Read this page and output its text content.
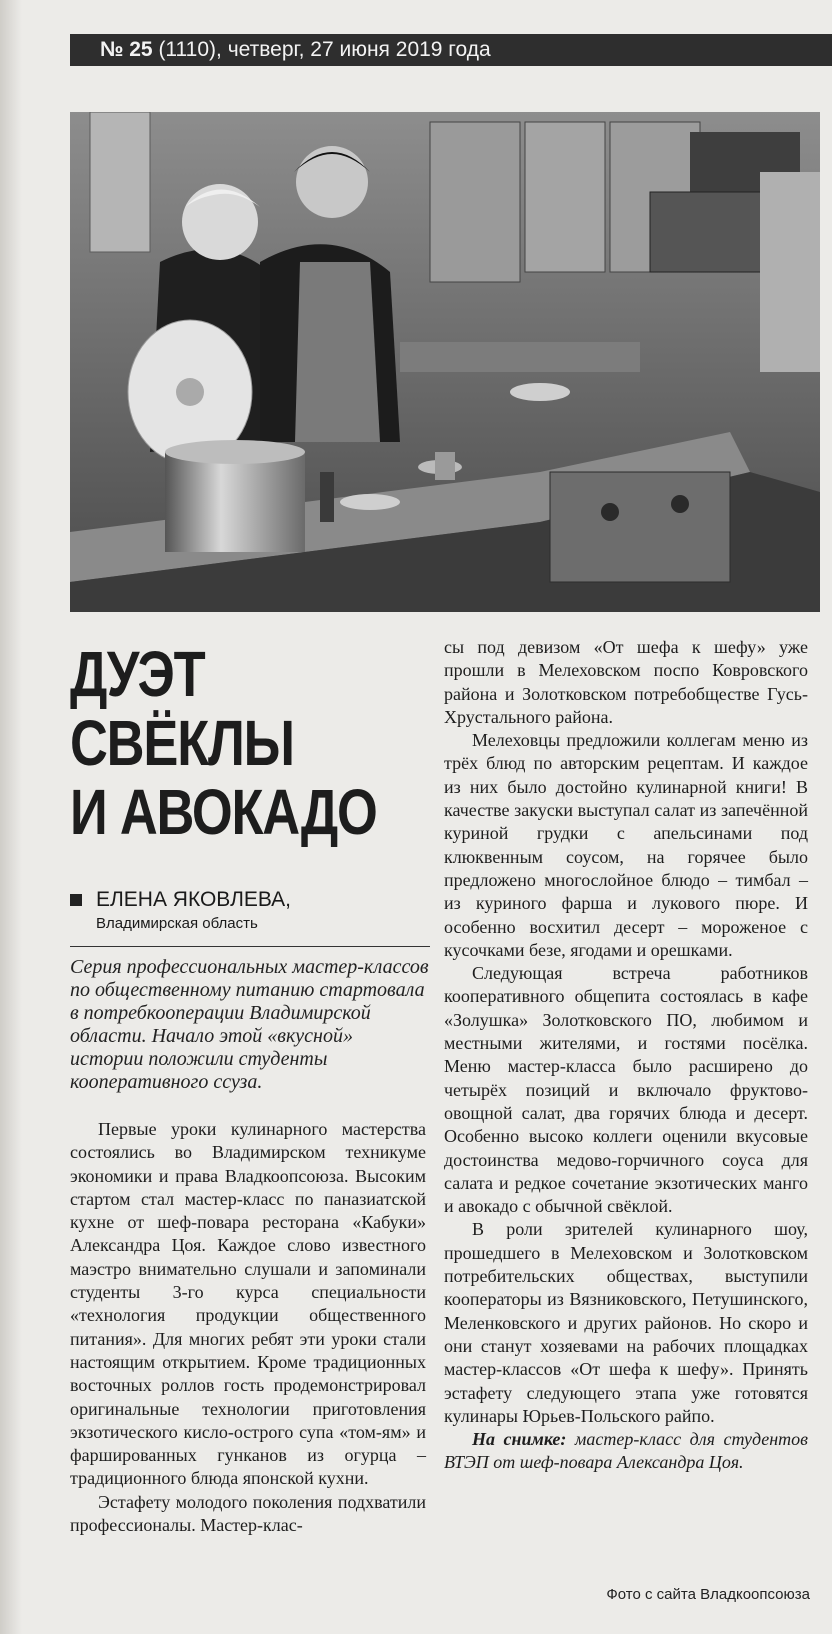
№ 25 (1110), четверг, 27 июня 2019 года
ДУЭТ
СВЁКЛЫ
И АВОКАДО
ЕЛЕНА ЯКОВЛЕВА,
Владимирская область

Серия профессиональных мастер-классов по общественному питанию стартовала в потребкооперации Владимирской области. Начало этой «вкусной» истории положили студенты кооперативного ссуза.

Первые уроки кулинарного мастерства состоялись во Владимирском техникуме экономики и права Владкоопсоюза. Высоким стартом стал мастер-класс по паназиатской кухне от шеф-повара ресторана «Кабуки» Александра Цоя. Каждое слово известного маэстро внимательно слушали и запоминали студенты 3-го курса специальности «технология продукции общественного питания». Для многих ребят эти уроки стали настоящим открытием. Кроме традиционных восточных роллов гость продемонстрировал оригинальные технологии приготовления экзотического кисло-острого супа «том-ям» и фаршированных гунканов из огурца – традиционного блюда японской кухни.

Эстафету молодого поколения подхватили профессионалы. Мастер-клас-

сы под девизом «От шефа к шефу» уже прошли в Мелеховском поспо Ковровского района и Золотковском потребобществе Гусь-Хрустального района.

Мелеховцы предложили коллегам меню из трёх блюд по авторским рецептам. И каждое из них было достойно кулинарной книги! В качестве закуски выступал салат из запечённой куриной грудки с апельсинами под клюквенным соусом, на горячее было предложено многослойное блюдо – тимбал – из куриного фарша и лукового пюре. И особенно восхитил десерт – мороженое с кусочками безе, ягодами и орешками.

Следующая встреча работников кооперативного общепита состоялась в кафе «Золушка» Золотковского ПО, любимом и местными жителями, и гостями посёлка. Меню мастер-класса было расширено до четырёх позиций и включало фруктово-овощной салат, два горячих блюда и десерт. Особенно высоко коллеги оценили вкусовые достоинства медово-горчичного соуса для салата и редкое сочетание экзотических манго и авокадо с обычной свёклой.

В роли зрителей кулинарного шоу, прошедшего в Мелеховском и Золотковском потребительских обществах, выступили кооператоры из Вязниковского, Петушинского, Меленковского и других районов. Но скоро и они станут хозяевами на рабочих площадках мастер-классов «От шефа к шефу». Принять эстафету следующего этапа уже готовятся кулинары Юрьев-Польского райпо.

На снимке: мастер-класс для студентов ВТЭП от шеф-повара Александра Цоя.

Фото с сайта Владкоопсоюза
